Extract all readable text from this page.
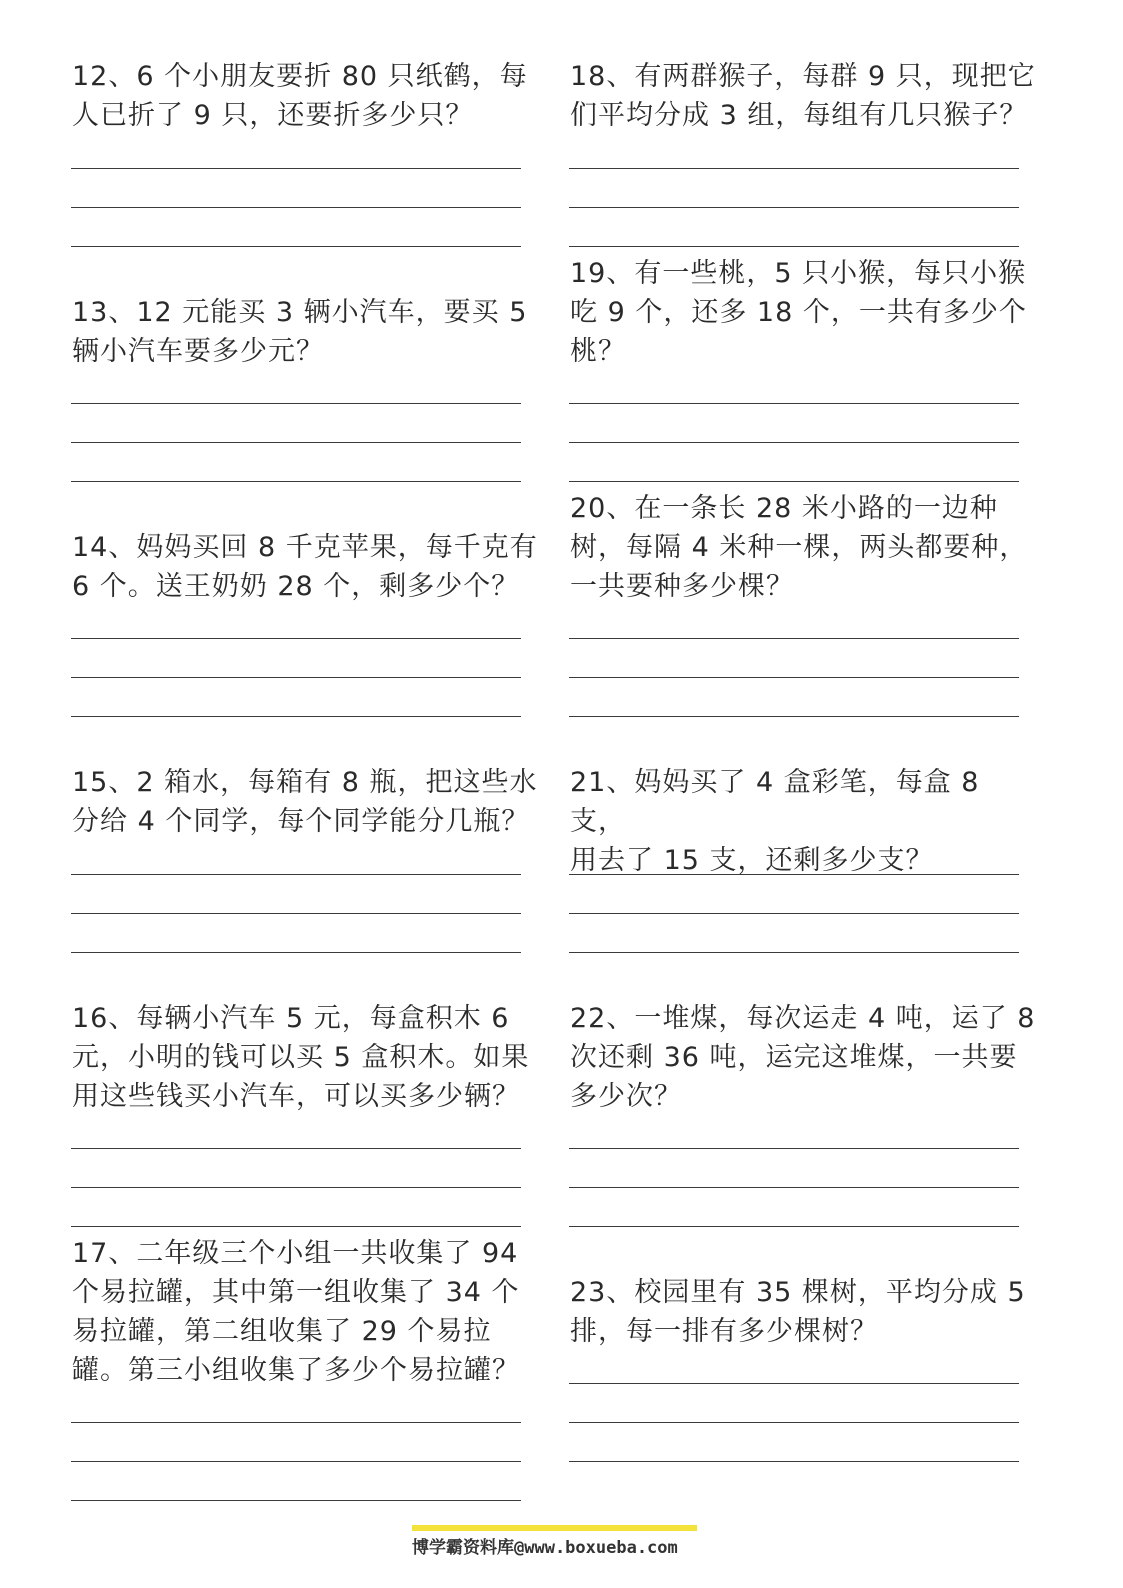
12、6 个小朋友要折 80 只纸鹤，每
人已折了 9 只，还要折多少只？
13、12 元能买 3 辆小汽车，要买 5
辆小汽车要多少元？
14、妈妈买回 8 千克苹果，每千克有
6 个。送王奶奶 28 个，剩多少个？
15、2 箱水，每箱有 8 瓶，把这些水
分给 4 个同学，每个同学能分几瓶？
16、每辆小汽车 5 元，每盒积木 6
元，小明的钱可以买 5 盒积木。如果
用这些钱买小汽车，可以买多少辆？
17、二年级三个小组一共收集了 94
个易拉罐，其中第一组收集了 34 个
易拉罐，第二组收集了 29 个易拉
罐。第三小组收集了多少个易拉罐？
18、有两群猴子，每群 9 只，现把它
们平均分成 3 组，每组有几只猴子？
19、有一些桃，5 只小猴，每只小猴
吃 9 个，还多 18 个，一共有多少个
桃？
20、在一条长 28 米小路的一边种
树，每隔 4 米种一棵，两头都要种，
一共要种多少棵？
21、妈妈买了 4 盒彩笔，每盒 8 支，
用去了 15 支，还剩多少支？
22、一堆煤，每次运走 4 吨，运了 8
次还剩 36 吨，运完这堆煤，一共要
多少次？
23、校园里有 35 棵树，平均分成 5
排，每一排有多少棵树？
博学霸资料库@www.boxueba.com
